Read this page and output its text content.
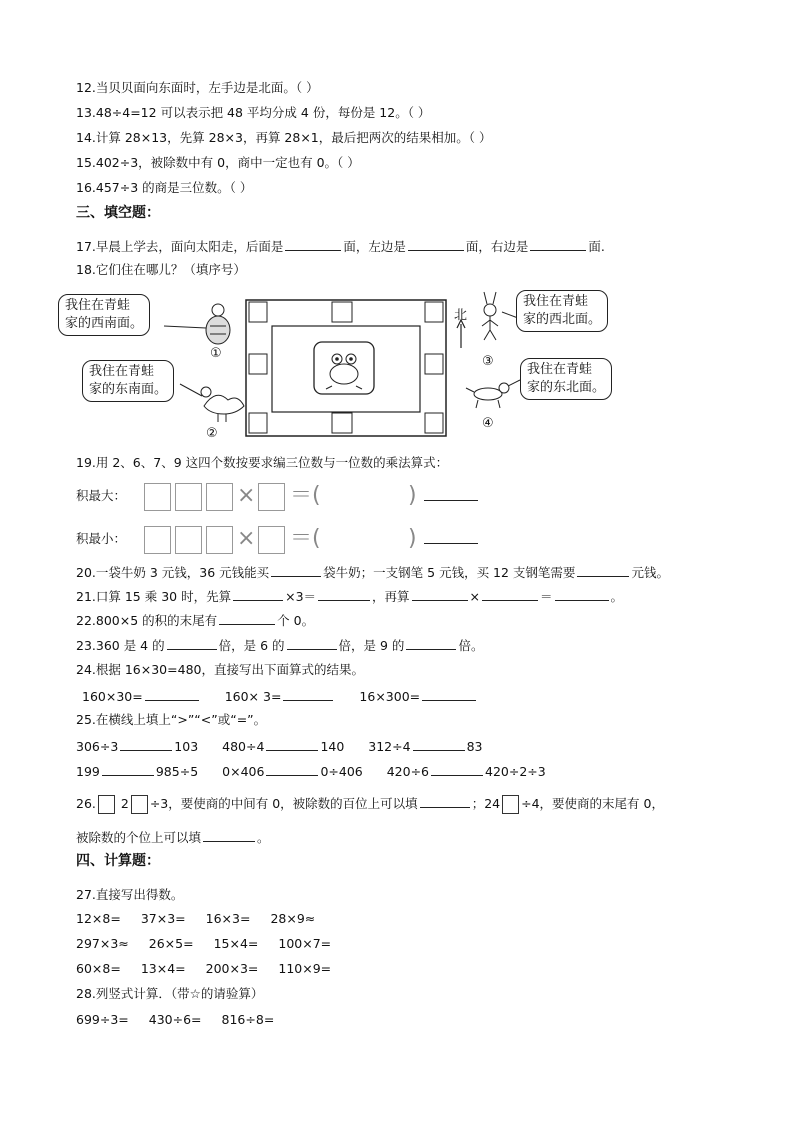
12.当贝贝面向东面时，左手边是北面。（ ）
13.48÷4=12 可以表示把 48 平均分成 4 份，每份是 12。（ ）
14.计算 28×13，先算 28×3，再算 28×1，最后把两次的结果相加。（ ）
15.402÷3，被除数中有 0，商中一定也有 0。（ ）
16.457÷3 的商是三位数。（ ）
三、填空题：
17.早晨上学去，面向太阳走，后面是	面，左边是	面，右边是	面.
18.它们住在哪儿？（填序号）
我住在青蛙
家的西南面。
我住在青蛙
家的东南面。
我住在青蛙
家的西北面。
我住在青蛙
家的东北面。
北
①
②
③
④
19.用 2、6、7、9 这四个数按要求编三位数与一位数的乘法算式：
积最大：	× ＝(	)
积最小：	× ＝(	)
20.一袋牛奶 3 元钱，36 元钱能买	袋牛奶；一支钢笔 5 元钱，买 12 支钢笔需要	元钱。
21.口算 15 乘 30 时，先算	×3＝	，再算	×	＝	。
22.800×5 的积的末尾有	个 0。
23.360 是 4 的	倍，是 6 的	倍，是 9 的	倍。
24.根据 16×30=480，直接写出下面算式的结果。
160×30=	160× 3=	16×300=
25.在横线上填上“>”“<”或“=”。
306÷3	103 480÷4	140 312÷4	83
199	985÷5 0×406	0÷406 420÷6	420÷2÷3
26. 2 ÷3，要使商的中间有 0，被除数的百位上可以填	；24 ÷4，要使商的末尾有 0，
被除数的个位上可以填	。
四、计算题：
27.直接写出得数。
12×8= 37×3= 16×3= 28×9≈
297×3≈ 26×5= 15×4= 100×7=
60×8= 13×4= 200×3= 110×9=
28.列竖式计算．（带☆的请验算）
699÷3= 430÷6= 816÷8=
